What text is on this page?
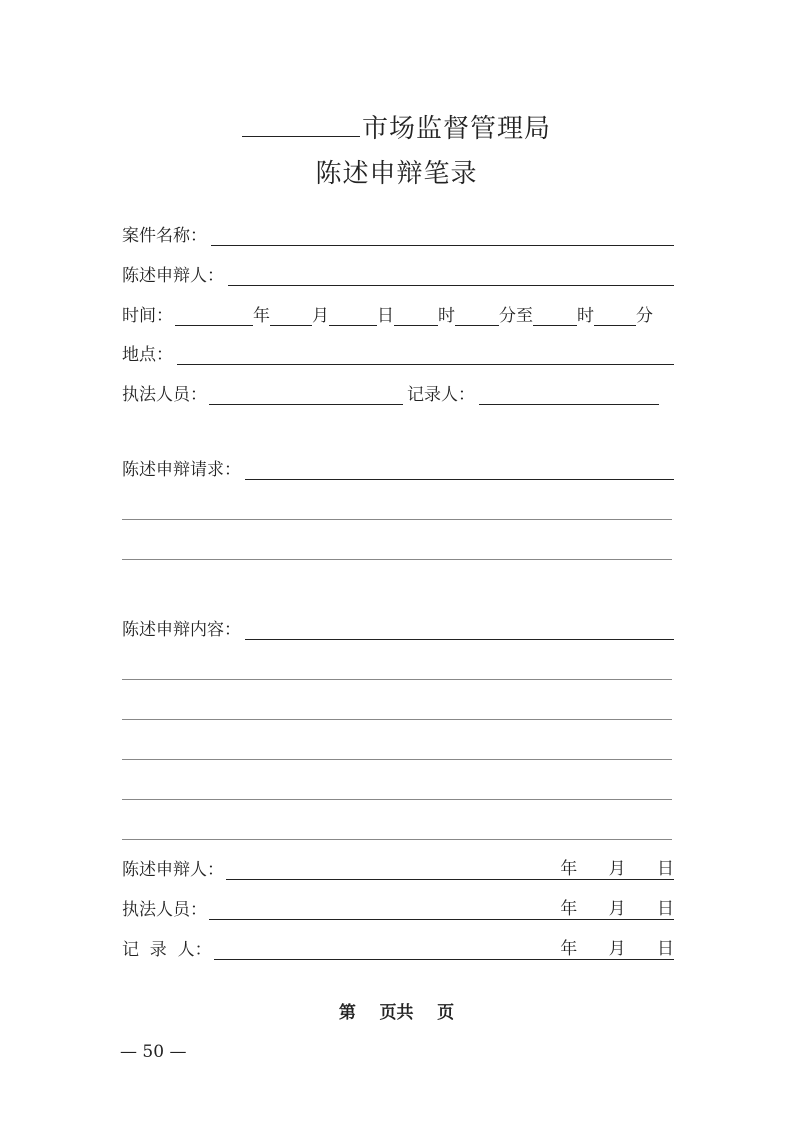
市场监督管理局
陈述申辩笔录
案件名称：
陈述申辩人：
时间：	年 月	日	时	分至	时 分
地点：
执法人员：	记录人：
陈述申辩请求：
陈述申辩内容：
陈述申辩人：	年 月 日
执法人员：	年 月 日
记  录  人：	年 月 日
第    页共    页
— 50 —
